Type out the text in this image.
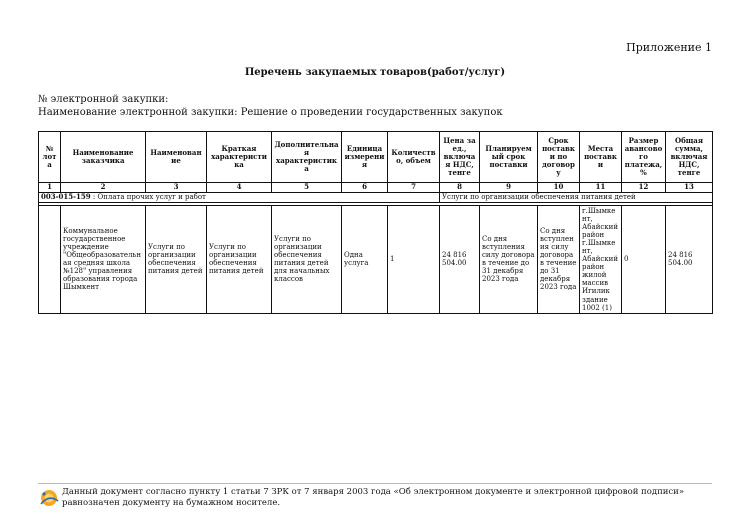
Приложение 1
Перечень закупаемых товаров(работ/услуг)
№ электронной закупки:
Наименование электронной закупки: Решение о проведении государственных закупок
№ лота	Наименование заказчика	Наименование	Краткая характеристика	Дополнительная характеристика	Единица измерения	Количество, объем	Цена за ед., включая НДС, тенге	Планируемый срок поставки	Срок поставки по договору	Места поставки	Размер авансового платежа, %	Общая сумма, включая НДС, тенге
1	2	3	4	5	6	7	8	9	10	11	12	13
003-015-159 : Оплата прочих услуг и работ							Услуги по организации обеспечения питания детей					

	Коммунальное государственное учреждение "Общеобразовательная средняя школа №128" управления образования города Шымкент	Услуги по организации обеспечения питания детей	Услуги по организации обеспечения питания детей	Услуги по организации обеспечения питания детей для начальных классов	Одна услуга	1	24 816 504.00	Со дня вступления силу договора в течение до 31 декабря 2023 года	Со дня вступления силу договора в течение до 31 декабря 2023 года	г.Шымкент, Абайский район г.Шымкент, Абайский район жилой массив Игилик здание 1002 (1)	0	24 816 504.00
Данный документ согласно пункту 1 статьи 7 ЗРК от 7 января 2003 года «Об электронном документе и электронной цифровой подписи» равнозначен документу на бумажном носителе.
